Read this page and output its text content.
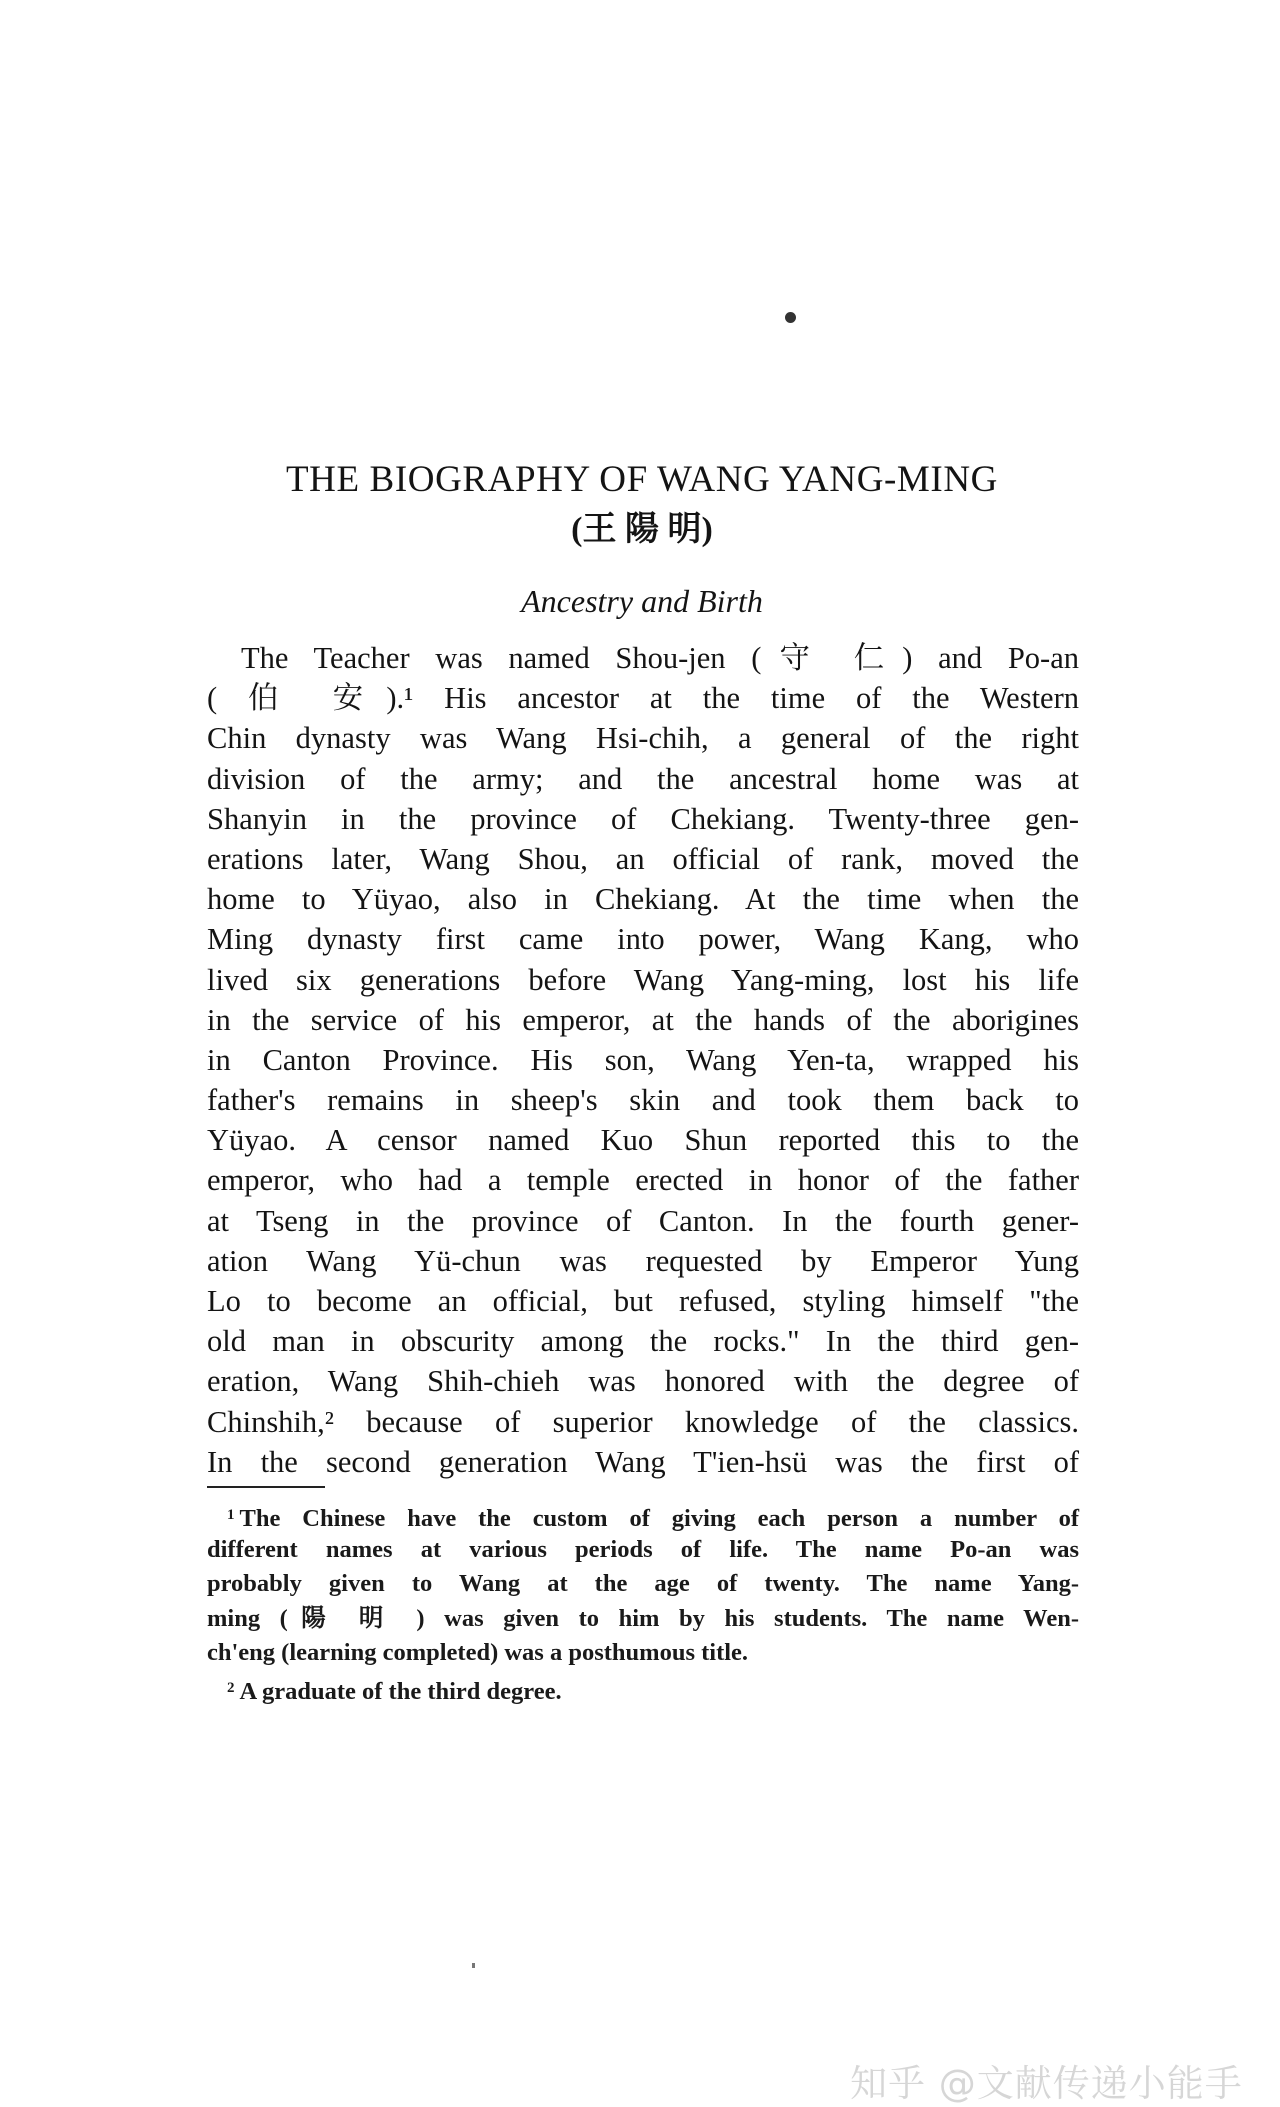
THE BIOGRAPHY OF WANG YANG-MING
(王 陽 明)
Ancestry and Birth
The Teacher was named Shou-jen (守 仁) and Po-an
( 伯 安).¹ His ancestor at the time of the Western
Chin dynasty was Wang Hsi-chih, a general of the right
division of the army; and the ancestral home was at
Shanyin in the province of Chekiang. Twenty-three gen-
erations later, Wang Shou, an official of rank, moved the
home to Yüyao, also in Chekiang. At the time when the
Ming dynasty first came into power, Wang Kang, who
lived six generations before Wang Yang-ming, lost his life
in the service of his emperor, at the hands of the aborigines
in Canton Province. His son, Wang Yen-ta, wrapped his
father's remains in sheep's skin and took them back to
Yüyao. A censor named Kuo Shun reported this to the
emperor, who had a temple erected in honor of the father
at Tseng in the province of Canton. In the fourth gener-
ation Wang Yü-chun was requested by Emperor Yung
Lo to become an official, but refused, styling himself "the
old man in obscurity among the rocks." In the third gen-
eration, Wang Shih-chieh was honored with the degree of
Chinshih,² because of superior knowledge of the classics.
In the second generation Wang T'ien-hsü was the first of
$^1$ The Chinese have the custom of giving each person a number of
different names at various periods of life. The name Po-an was
probably given to Wang at the age of twenty. The name Yang-
ming (陽 明 ) was given to him by his students. The name Wen-
ch'eng (learning completed) was a posthumous title.
$^2$ A graduate of the third degree.
知乎 @文献传递小能手
